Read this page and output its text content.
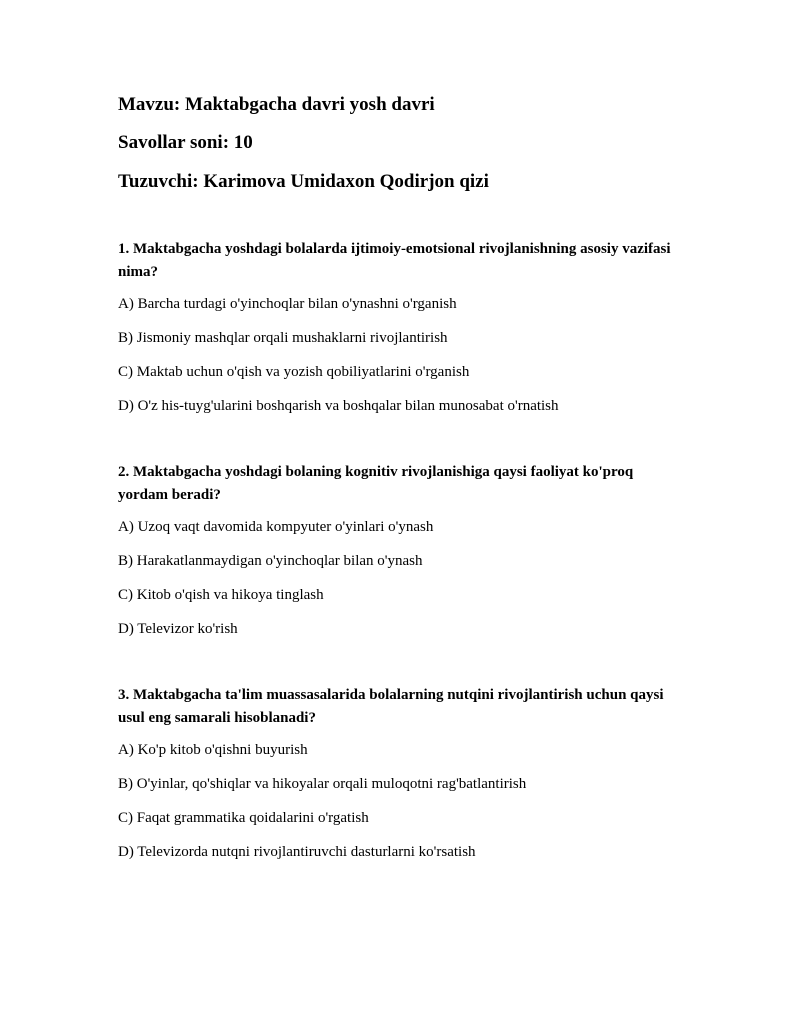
Mavzu: Maktabgacha davri yosh davri
Savollar soni: 10
Tuzuvchi: Karimova Umidaxon Qodirjon qizi

1. Maktabgacha yoshdagi bolalarda ijtimoiy-emotsional rivojlanishning asosiy vazifasi nima?

A) Barcha turdagi o'yinchoqlar bilan o'ynashni o'rganish
B) Jismoniy mashqlar orqali mushaklarni rivojlantirish
C) Maktab uchun o'qish va yozish qobiliyatlarini o'rganish
D) O'z his-tuyg'ularini boshqarish va boshqalar bilan munosabat o'rnatish

2. Maktabgacha yoshdagi bolaning kognitiv rivojlanishiga qaysi faoliyat ko'proq yordam beradi?

A) Uzoq vaqt davomida kompyuter o'yinlari o'ynash
B) Harakatlanmaydigan o'yinchoqlar bilan o'ynash
C) Kitob o'qish va hikoya tinglash
D) Televizor ko'rish

3. Maktabgacha ta'lim muassasalarida bolalarning nutqini rivojlantirish uchun qaysi usul eng samarali hisoblanadi?

A) Ko'p kitob o'qishni buyurish
B) O'yinlar, qo'shiqlar va hikoyalar orqali muloqotni rag'batlantirish
C) Faqat grammatika qoidalarini o'rgatish
D) Televizorda nutqni rivojlantiruvchi dasturlarni ko'rsatish
